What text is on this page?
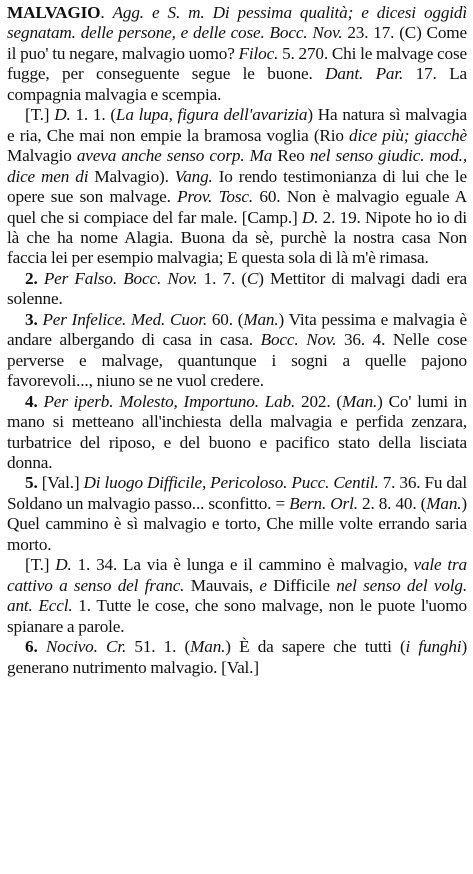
MALVAGIO. Agg. e S. m. Di pessima qualità; e dicesi oggidì segnatam. delle persone, e delle cose. Bocc. Nov. 23. 17. (C) Come il puo' tu negare, malvagio uomo? Filoc. 5. 270. Chi le malvage cose fugge, per conseguente segue le buone. Dant. Par. 17. La compagnia malvagia e scempia.

[T.] D. 1. 1. (La lupa, figura dell'avarizia) Ha natura sì malvagia e ria, Che mai non empie la bramosa voglia (Rio dice più; giacchè Malvagio aveva anche senso corp. Ma Reo nel senso giudic. mod., dice men di Malvagio). Vang. Io rendo testimonianza di lui che le opere sue son malvage. Prov. Tosc. 60. Non è malvagio eguale A quel che si compiace del far male. [Camp.] D. 2. 19. Nipote ho io di là che ha nome Alagia. Buona da sè, purchè la nostra casa Non faccia lei per esempio malvagia; E questa sola di là m'è rimasa.

2. Per Falso. Bocc. Nov. 1. 7. (C) Mettitor di malvagi dadi era solenne.

3. Per Infelice. Med. Cuor. 60. (Man.) Vita pessima e malvagia è andare albergando di casa in casa. Bocc. Nov. 36. 4. Nelle cose perverse e malvage, quantunque i sogni a quelle pajono favorevoli..., niuno se ne vuol credere.

4. Per iperb. Molesto, Importuno. Lab. 202. (Man.) Co' lumi in mano si metteano all'inchiesta della malvagia e perfida zenzara, turbatrice del riposo, e del buono e pacifico stato della lisciata donna.

5. [Val.] Di luogo Difficile, Pericoloso. Pucc. Centil. 7. 36. Fu dal Soldano un malvagio passo... sconfitto. = Bern. Orl. 2. 8. 40. (Man.) Quel cammino è sì malvagio e torto, Che mille volte errando saria morto.

[T.] D. 1. 34. La via è lunga e il cammino è malvagio, vale tra cattivo a senso del franc. Mauvais, e Difficile nel senso del volg. ant. Eccl. 1. Tutte le cose, che sono malvage, non le puote l'uomo spianare a parole.

6. Nocivo. Cr. 51. 1. (Man.) È da sapere che tutti (i funghi) generano nutrimento malvagio. [Val.]
